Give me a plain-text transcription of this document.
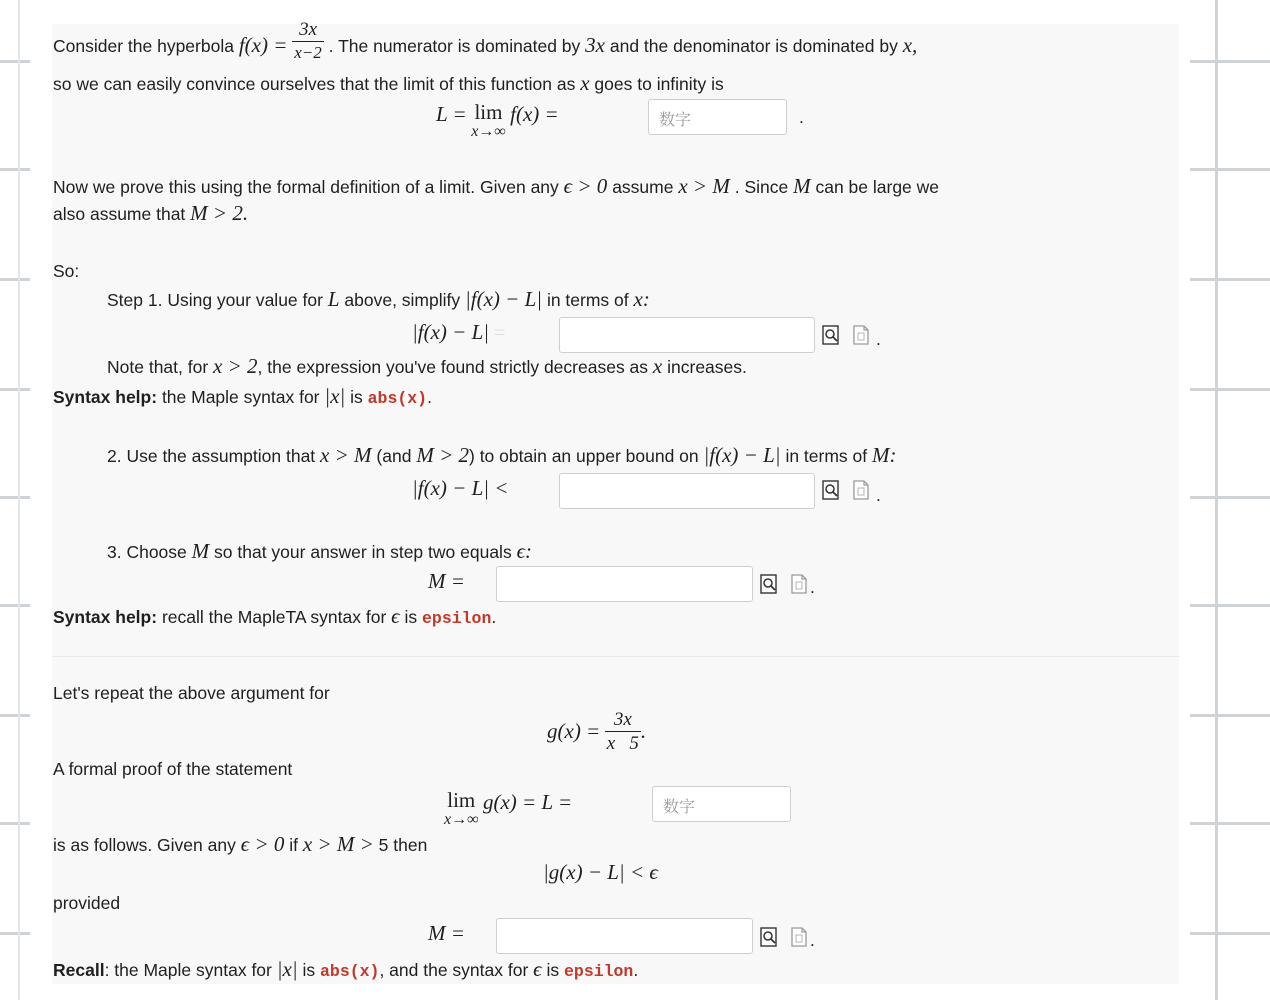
Consider the hyperbola $f(x) = \frac{3x}{x-2}$ . The numerator is dominated by 3x and the denominator is dominated by x,
so we can easily convince ourselves that the limit of this function as x goes to infinity is
L = lim
x→∞
f(x) =	数字	.
Now we prove this using the formal definition of a limit. Given any ϵ > 0 assume x > M . Since M can be large we
also assume that M > 2.
So:
Step 1. Using your value for L above, simplify |f(x) − L| in terms of x:
|f(x) − L| =	.
Note that, for x > 2, the expression you've found strictly decreases as x increases.
Syntax help: the Maple syntax for |x| is abs(x).
2. Use the assumption that x > M (and M > 2) to obtain an upper bound on |f(x) − L| in terms of M:
|f(x) − L| <	.
3. Choose M so that your answer in step two equals ϵ:
M =	.
Syntax help: recall the MapleTA syntax for ϵ is epsilon.
Let's repeat the above argument for
$g(x) = \frac{3x}{x 5}$ .
A formal proof of the statement
lim
x→∞
g(x) = L =	数字
is as follows. Given any ϵ > 0 if x > M > 5 then
|g(x) − L| < ϵ
provided
M =	.
Recall: the Maple syntax for |x| is abs(x), and the syntax for ϵ is epsilon.
